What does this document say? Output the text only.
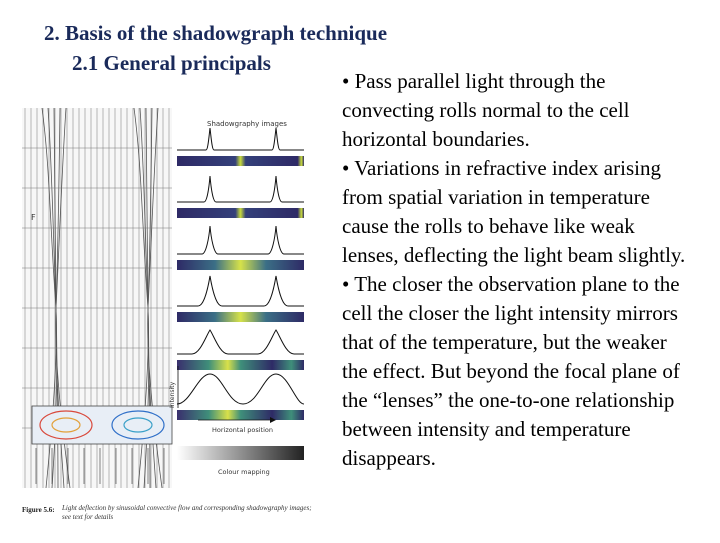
2. Basis of the shadowgraph technique
2.1 General principals

• Pass parallel light through the convecting rolls normal to the cell horizontal boundaries.

• Variations in refractive index arising from spatial variation in temperature cause the rolls to behave like weak lenses, deflecting the light beam slightly.

• The closer the observation plane to the cell the closer the light intensity mirrors that of the temperature, but the weaker the effect. But beyond the focal plane of the “lenses” the one-to-one relationship between intensity and temperature disappears.

F
Shadowgraphy images
Intensity
Horizontal position
Colour mapping
Figure 5.6:	Light deflection by sinusoidal convective flow and corresponding shadowgraphy images; see text for details
